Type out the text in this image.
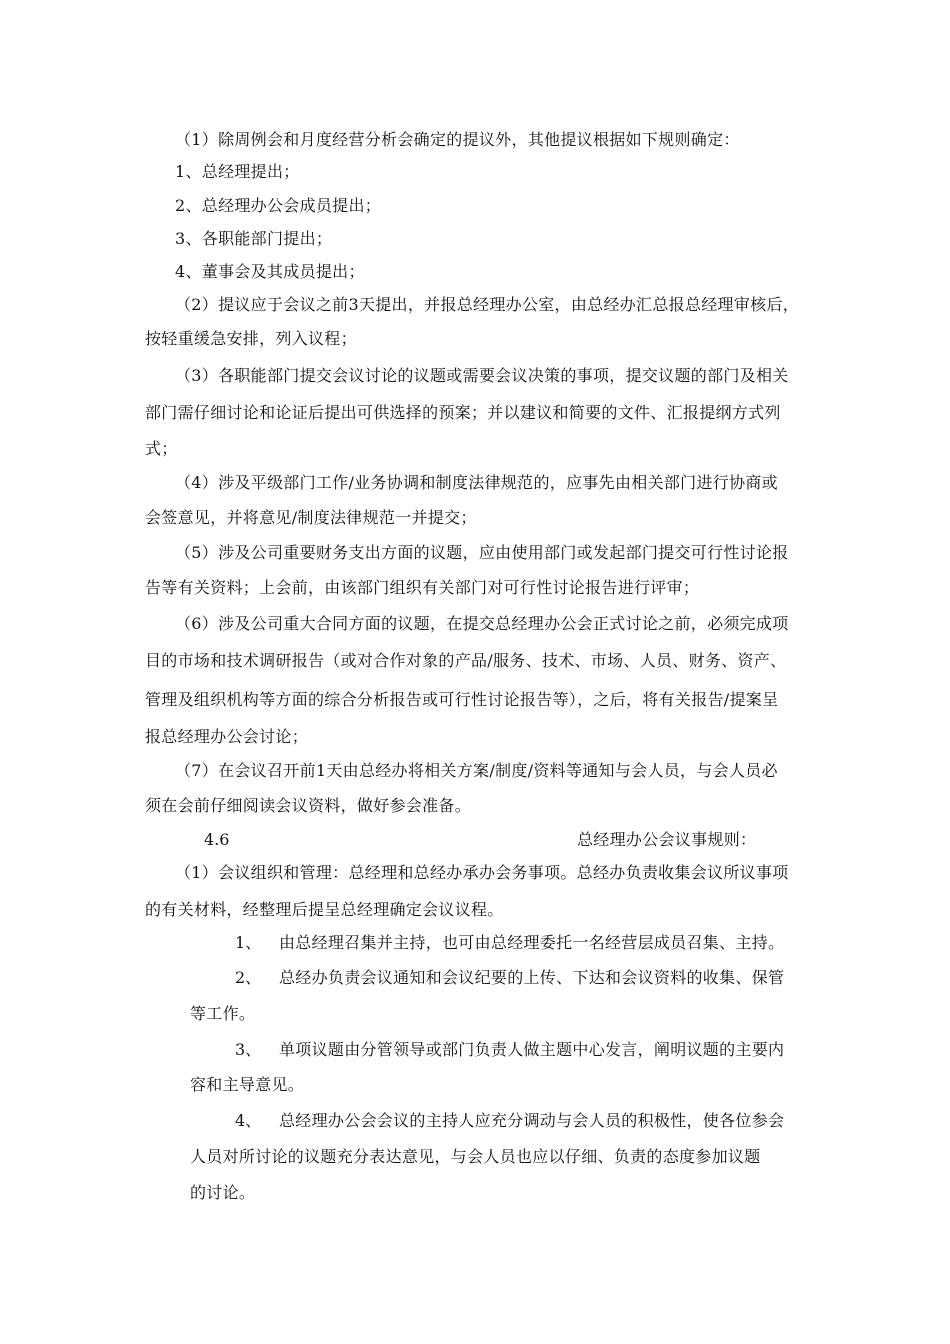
（1）除周例会和月度经营分析会确定的提议外，其他提议根据如下规则确定：
1、总经理提出；
2、总经理办公会成员提出；
3、各职能部门提出；
4、董事会及其成员提出；
（2）提议应于会议之前3天提出，并报总经理办公室，由总经办汇总报总经理审核后，
按轻重缓急安排，列入议程；
（3）各职能部门提交会议讨论的议题或需要会议决策的事项，提交议题的部门及相关
部门需仔细讨论和论证后提出可供选择的预案；并以建议和简要的文件、汇报提纲方式列
式；
（4）涉及平级部门工作/业务协调和制度法律规范的，应事先由相关部门进行协商或
会签意见，并将意见/制度法律规范一并提交；
（5）涉及公司重要财务支出方面的议题，应由使用部门或发起部门提交可行性讨论报
告等有关资料；上会前，由该部门组织有关部门对可行性讨论报告进行评审；
（6）涉及公司重大合同方面的议题，在提交总经理办公会正式讨论之前，必须完成项
目的市场和技术调研报告（或对合作对象的产品/服务、技术、市场、人员、财务、资产、
管理及组织机构等方面的综合分析报告或可行性讨论报告等），之后，将有关报告/提案呈
报总经理办公会讨论；
（7）在会议召开前1天由总经办将相关方案/制度/资料等通知与会人员，与会人员必
须在会前仔细阅读会议资料，做好参会准备。
4.6	总经理办公会议事规则：
（1）会议组织和管理：总经理和总经办承办会务事项。总经办负责收集会议所议事项
的有关材料，经整理后提呈总经理确定会议议程。
1、 由总经理召集并主持，也可由总经理委托一名经营层成员召集、主持。
2、 总经办负责会议通知和会议纪要的上传、下达和会议资料的收集、保管
等工作。
3、 单项议题由分管领导或部门负责人做主题中心发言，阐明议题的主要内
容和主导意见。
4、 总经理办公会会议的主持人应充分调动与会人员的积极性，使各位参会
人员对所讨论的议题充分表达意见，与会人员也应以仔细、负责的态度参加议题
的讨论。
